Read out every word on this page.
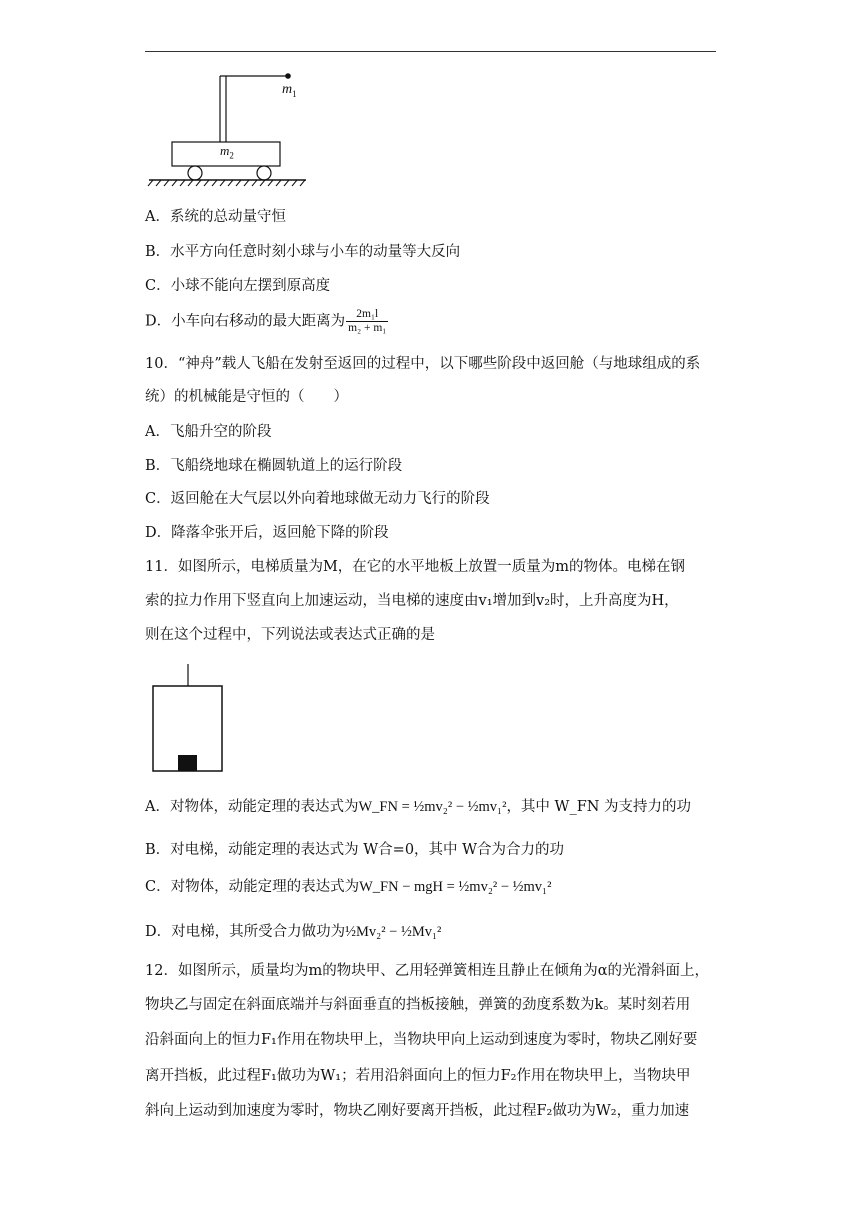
$m_1$
$m_2$
A．系统的总动量守恒
B．水平方向任意时刻小球与小车的动量等大反向
C．小球不能向左摆到原高度
D．小车向右移动的最大距离为 $\frac{\text{2m₁l}}{\text{m₂ + m₁}}$
10．“神舟”载人飞船在发射至返回的过程中，以下哪些阶段中返回舱（与地球组成的系
统）的机械能是守恒的（　　）
A．飞船升空的阶段
B．飞船绕地球在椭圆轨道上的运行阶段
C．返回舱在大气层以外向着地球做无动力飞行的阶段
D．降落伞张开后，返回舱下降的阶段
11．如图所示，电梯质量为M，在它的水平地板上放置一质量为m的物体。电梯在钢
索的拉力作用下竖直向上加速运动，当电梯的速度由v₁增加到v₂时，上升高度为H，
则在这个过程中，下列说法或表达式正确的是
A．对物体，动能定理的表达式为W_FN = ½mv₂² − ½mv₁²，其中 W_FN 为支持力的功
B．对电梯，动能定理的表达式为 W合=0，其中 W合为合力的功
C．对物体，动能定理的表达式为W_FN − mgH = ½mv₂² − ½mv₁²
D．对电梯，其所受合力做功为½Mv₂² − ½Mv₁²
12．如图所示，质量均为m的物块甲、乙用轻弹簧相连且静止在倾角为α的光滑斜面上，
物块乙与固定在斜面底端并与斜面垂直的挡板接触，弹簧的劲度系数为k。某时刻若用
沿斜面向上的恒力F₁作用在物块甲上，当物块甲向上运动到速度为零时，物块乙刚好要
离开挡板，此过程F₁做功为W₁；若用沿斜面向上的恒力F₂作用在物块甲上，当物块甲
斜向上运动到加速度为零时，物块乙刚好要离开挡板，此过程F₂做功为W₂，重力加速
